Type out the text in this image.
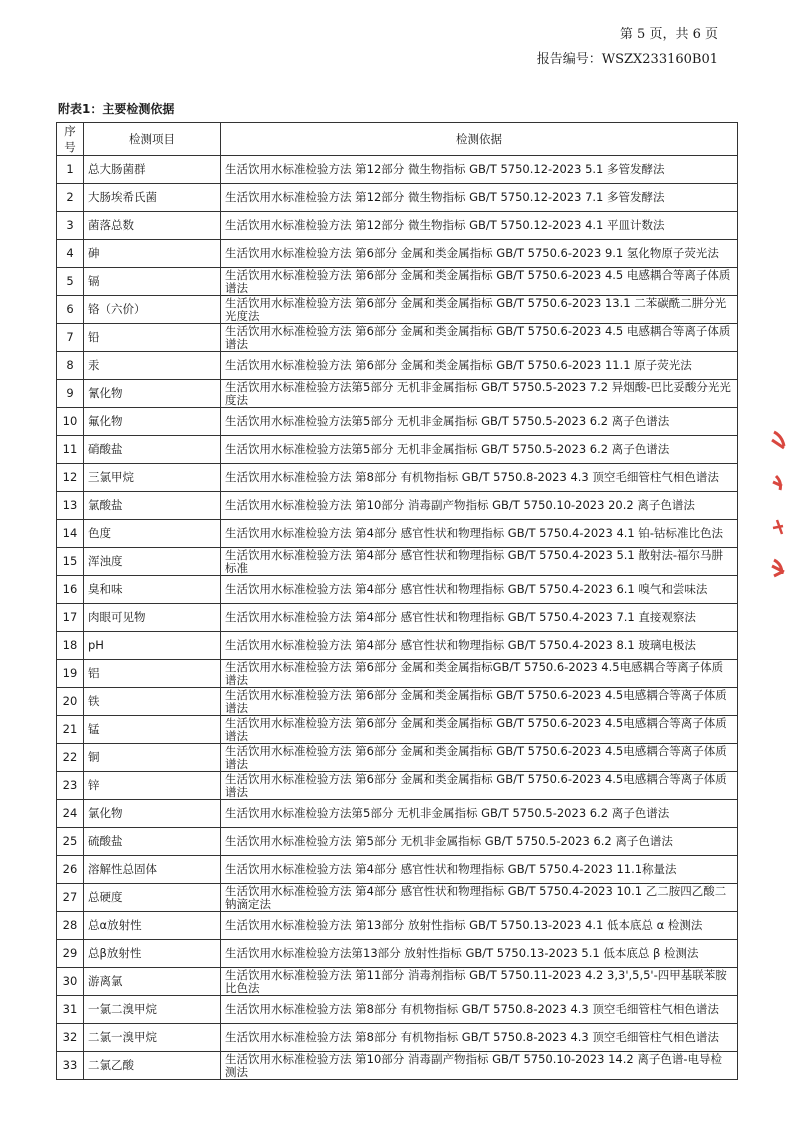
第 5 页，共 6 页
报告编号：WSZX233160B01
附表1：主要检测依据
序号	检测项目	检测依据
1	总大肠菌群	生活饮用水标准检验方法 第12部分 微生物指标 GB/T 5750.12-2023 5.1 多管发酵法
2	大肠埃希氏菌	生活饮用水标准检验方法 第12部分 微生物指标 GB/T 5750.12-2023 7.1 多管发酵法
3	菌落总数	生活饮用水标准检验方法 第12部分 微生物指标 GB/T 5750.12-2023 4.1 平皿计数法
4	砷	生活饮用水标准检验方法 第6部分 金属和类金属指标 GB/T 5750.6-2023 9.1 氢化物原子荧光法
5	镉	生活饮用水标准检验方法 第6部分 金属和类金属指标 GB/T 5750.6-2023 4.5 电感耦合等离子体质谱法
6	铬（六价）	生活饮用水标准检验方法 第6部分 金属和类金属指标 GB/T 5750.6-2023 13.1 二苯碳酰二肼分光光度法
7	铅	生活饮用水标准检验方法 第6部分 金属和类金属指标 GB/T 5750.6-2023 4.5 电感耦合等离子体质谱法
8	汞	生活饮用水标准检验方法 第6部分 金属和类金属指标 GB/T 5750.6-2023 11.1 原子荧光法
9	氰化物	生活饮用水标准检验方法第5部分 无机非金属指标 GB/T 5750.5-2023 7.2 异烟酸-巴比妥酸分光光度法
10	氟化物	生活饮用水标准检验方法第5部分 无机非金属指标 GB/T 5750.5-2023 6.2 离子色谱法
11	硝酸盐	生活饮用水标准检验方法第5部分 无机非金属指标 GB/T 5750.5-2023 6.2 离子色谱法
12	三氯甲烷	生活饮用水标准检验方法 第8部分 有机物指标 GB/T 5750.8-2023 4.3 顶空毛细管柱气相色谱法
13	氯酸盐	生活饮用水标准检验方法 第10部分 消毒副产物指标 GB/T 5750.10-2023 20.2 离子色谱法
14	色度	生活饮用水标准检验方法 第4部分 感官性状和物理指标 GB/T 5750.4-2023 4.1 铂-钴标准比色法
15	浑浊度	生活饮用水标准检验方法 第4部分 感官性状和物理指标 GB/T 5750.4-2023 5.1 散射法-福尔马肼标准
16	臭和味	生活饮用水标准检验方法 第4部分 感官性状和物理指标 GB/T 5750.4-2023 6.1 嗅气和尝味法
17	肉眼可见物	生活饮用水标准检验方法 第4部分 感官性状和物理指标 GB/T 5750.4-2023 7.1 直接观察法
18	pH	生活饮用水标准检验方法 第4部分 感官性状和物理指标 GB/T 5750.4-2023 8.1 玻璃电极法
19	铝	生活饮用水标准检验方法 第6部分 金属和类金属指标GB/T 5750.6-2023 4.5电感耦合等离子体质谱法
20	铁	生活饮用水标准检验方法 第6部分 金属和类金属指标 GB/T 5750.6-2023 4.5电感耦合等离子体质谱法
21	锰	生活饮用水标准检验方法 第6部分 金属和类金属指标 GB/T 5750.6-2023 4.5电感耦合等离子体质谱法
22	铜	生活饮用水标准检验方法 第6部分 金属和类金属指标 GB/T 5750.6-2023 4.5电感耦合等离子体质谱法
23	锌	生活饮用水标准检验方法 第6部分 金属和类金属指标 GB/T 5750.6-2023 4.5电感耦合等离子体质谱法
24	氯化物	生活饮用水标准检验方法第5部分 无机非金属指标 GB/T 5750.5-2023 6.2 离子色谱法
25	硫酸盐	生活饮用水标准检验方法 第5部分 无机非金属指标 GB/T 5750.5-2023 6.2 离子色谱法
26	溶解性总固体	生活饮用水标准检验方法 第4部分 感官性状和物理指标 GB/T 5750.4-2023 11.1称量法
27	总硬度	生活饮用水标准检验方法 第4部分 感官性状和物理指标 GB/T 5750.4-2023 10.1 乙二胺四乙酸二钠滴定法
28	总α放射性	生活饮用水标准检验方法 第13部分 放射性指标 GB/T 5750.13-2023 4.1 低本底总 α 检测法
29	总β放射性	生活饮用水标准检验方法第13部分 放射性指标 GB/T 5750.13-2023 5.1 低本底总 β 检测法
30	游离氯	生活饮用水标准检验方法 第11部分 消毒剂指标 GB/T 5750.11-2023 4.2 3,3',5,5'-四甲基联苯胺比色法
31	一氯二溴甲烷	生活饮用水标准检验方法 第8部分 有机物指标 GB/T 5750.8-2023 4.3 顶空毛细管柱气相色谱法
32	二氯一溴甲烷	生活饮用水标准检验方法 第8部分 有机物指标 GB/T 5750.8-2023 4.3 顶空毛细管柱气相色谱法
33	二氯乙酸	生活饮用水标准检验方法 第10部分 消毒副产物指标 GB/T 5750.10-2023 14.2 离子色谱-电导检测法
